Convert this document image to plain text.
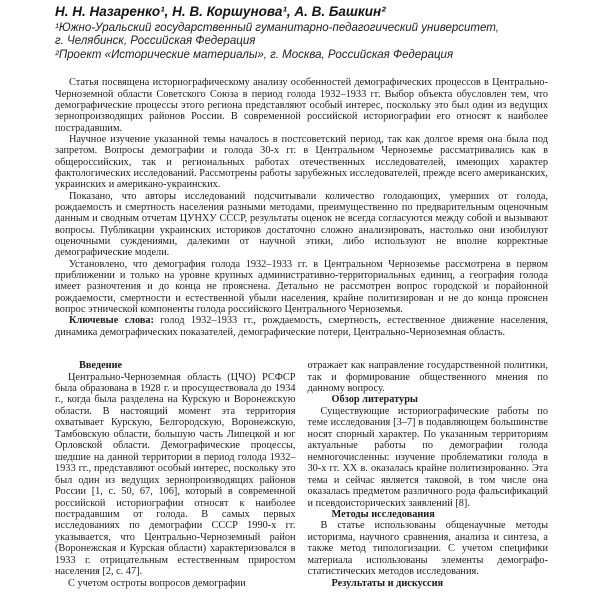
Н. Н. Назаренко¹, Н. В. Коршунова¹, А. В. Башкин²
¹Южно-Уральский государственный гуманитарно-педагогический университет,
г. Челябинск, Российская Федерация
²Проект «Исторические материалы», г. Москва, Российская Федерация

Статья посвящена историографическому анализу особенностей демографических процессов в Центрально-Черноземной области Советского Союза в период голода 1932–1933 гг. Выбор объекта обусловлен тем, что демографические процессы этого региона представляют особый интерес, поскольку это был один из ведущих зернопроизводящих районов России. В современной российской историографии его относят к наиболее пострадавшим.

Научное изучение указанной темы началось в постсоветский период, так как долгое время она была под запретом. Вопросы демографии и голода 30-х гг. в Центральном Черноземье рассматривались как в общероссийских, так и региональных работах отечественных исследователей, имеющих характер фактологических исследований. Рассмотрены работы зарубежных исследователей, прежде всего американских, украинских и американо-украинских.

Показано, что авторы исследований подсчитывали количество голодающих, умерших от голода, рождаемость и смертность населения разными методами, преимущественно по предварительным оценочным данным и сводным отчетам ЦУНХУ СССР, результаты оценок не всегда согласуются между собой и вызывают вопросы. Публикации украинских историков достаточно сложно анализировать, настолько они изобилуют оценочными суждениями, далекими от научной этики, либо используют не вполне корректные демографические модели.

Установлено, что демография голода 1932–1933 гг. в Центральном Черноземье рассмотрена в первом приближении и только на уровне крупных административно-территориальных единиц, а география голода имеет разночтения и до конца не прояснена. Детально не рассмотрен вопрос городской и порайонной рождаемости, смертности и естественной убыли населения, крайне политизирован и не до конца прояснен вопрос этнической компоненты голода российского Центрального Черноземья.

Ключевые слова: голод 1932–1933 гг., рождаемость, смертность, естественное движение населения, динамика демографических показателей, демографические потери, Центрально-Черноземная область.

Введение

Центрально-Черноземная область (ЦЧО) РСФСР была образована в 1928 г. и просуществовала до 1934 г., когда была разделена на Курскую и Воронежскую области. В настоящий момент эта территория охватывает Курскую, Белгородскую, Воронежскую, Тамбовскую области, большую часть Липецкой и юг Орловской области. Демографические процессы, шедшие на данной территории в период голода 1932–1933 гг., представляют особый интерес, поскольку это был один из ведущих зернопроизводящих районов России [1, с. 50, 67, 106], который в современной российской историографии относят к наиболее пострадавшим от голода. В самых первых исследованиях по демографии СССР 1990-х гг. указывается, что Центрально-Черноземный район (Воронежская и Курская области) характеризовался в 1933 г. отрицательным естественным приростом населения [2, с. 47].

С учетом остроты вопросов демографии

отражает как направление государственной политики, так и формирование общественного мнения по данному вопросу.

Обзор литературы

Существующие историографические работы по теме исследования [3–7] в подавляющем большинстве носят спорный характер. По указанным территориям актуальные работы по демографии голода немногочисленны: изучение проблематики голода в 30-х гг. XX в. оказалась крайне политизированно. Эта тема и сейчас является таковой, в том числе она оказалась предметом различного рода фальсификаций и псевдоисторических заявлений [8].

Методы исследования

В статье использованы общенаучные методы историзма, научного сравнения, анализа и синтеза, а также метод типологизации. С учетом специфики материала использованы элементы демографо-статистических методов исследования.

Результаты и дискуссия
